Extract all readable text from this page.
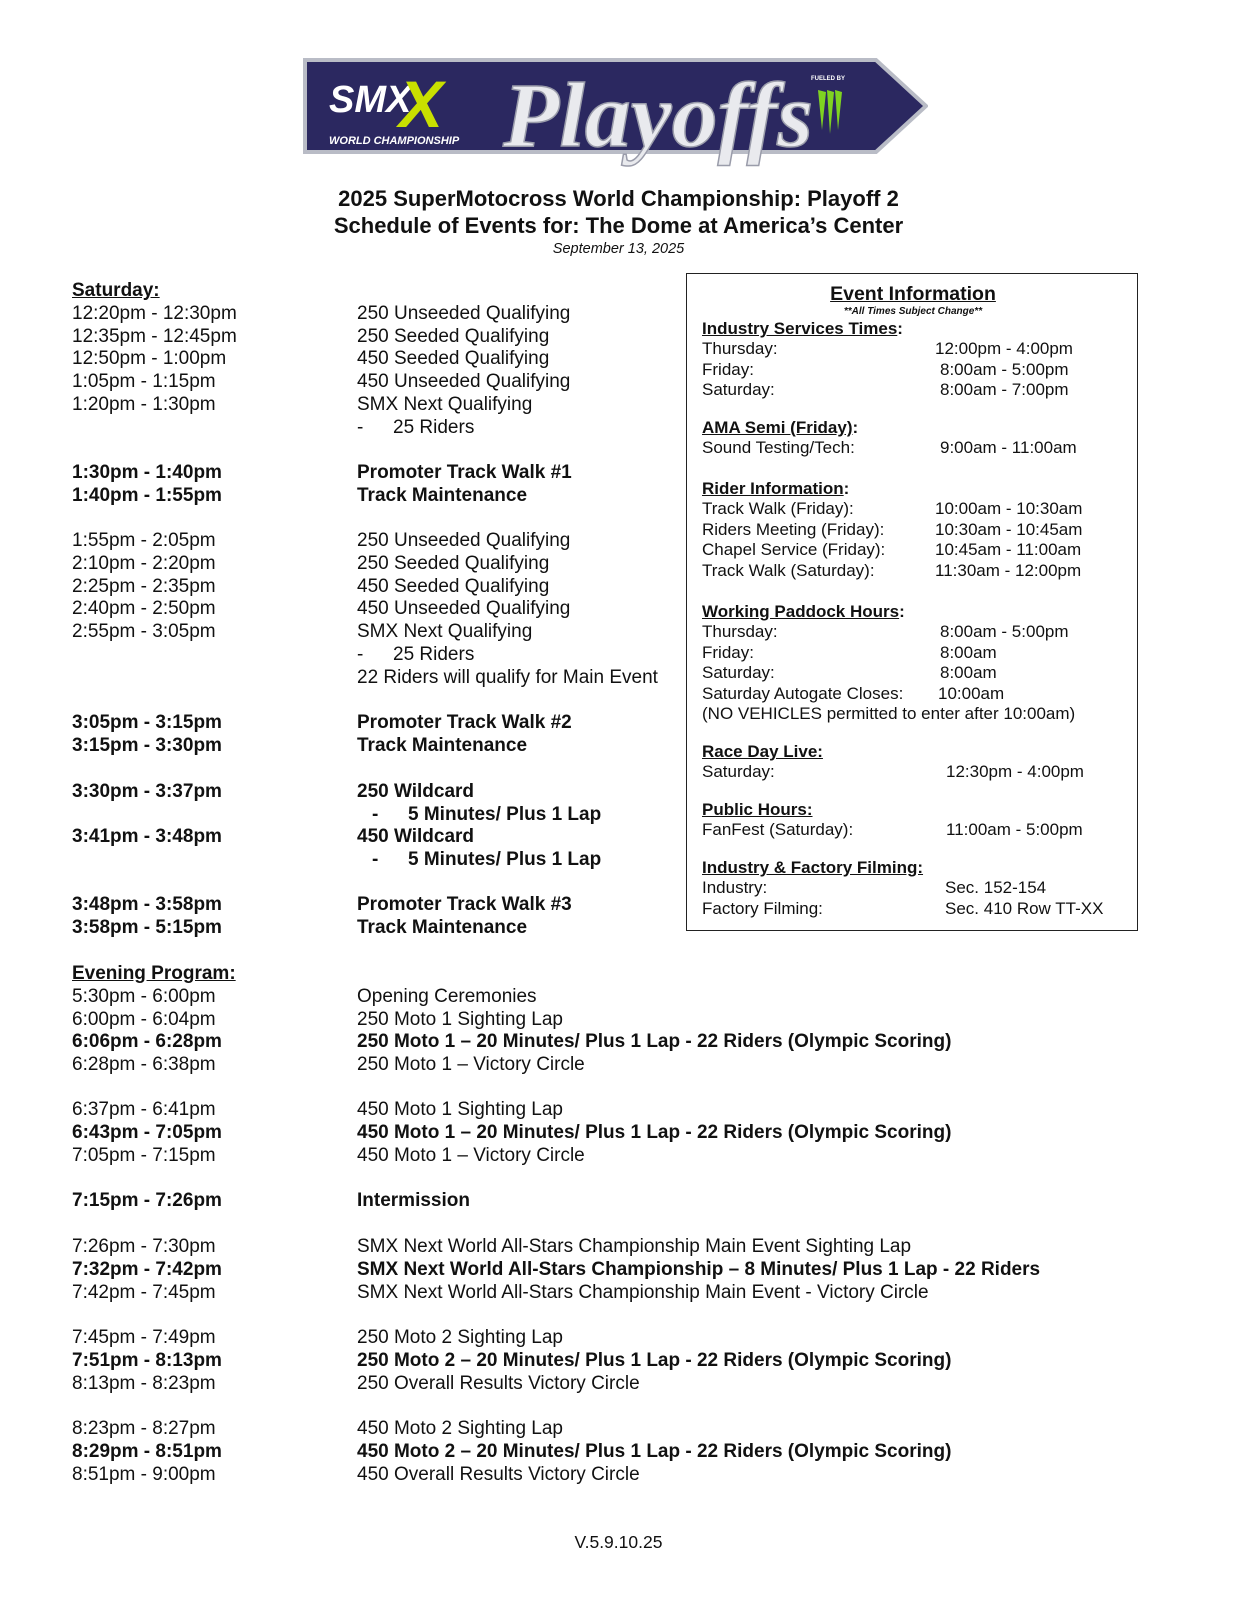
SMX
X
WORLD CHAMPIONSHIP Playoffs
FUELED BY
2025 SuperMotocross World Championship: Playoff 2
Schedule of Events for: The Dome at America’s Center
September 13, 2025
Saturday:
12:20pm - 12:30pm	250 Unseeded Qualifying
12:35pm - 12:45pm	250 Seeded Qualifying
12:50pm - 1:00pm	450 Seeded Qualifying
1:05pm - 1:15pm	450 Unseeded Qualifying
1:20pm - 1:30pm	SMX Next Qualifying
- 25 Riders
1:30pm - 1:40pm	Promoter Track Walk #1
1:40pm - 1:55pm	Track Maintenance
1:55pm - 2:05pm	250 Unseeded Qualifying
2:10pm - 2:20pm	250 Seeded Qualifying
2:25pm - 2:35pm	450 Seeded Qualifying
2:40pm - 2:50pm	450 Unseeded Qualifying
2:55pm - 3:05pm	SMX Next Qualifying
- 25 Riders
22 Riders will qualify for Main Event
3:05pm - 3:15pm	Promoter Track Walk #2
3:15pm - 3:30pm	Track Maintenance
3:30pm - 3:37pm	250 Wildcard
- 5 Minutes/ Plus 1 Lap
3:41pm - 3:48pm	450 Wildcard
- 5 Minutes/ Plus 1 Lap
3:48pm - 3:58pm	Promoter Track Walk #3
3:58pm - 5:15pm	Track Maintenance
Evening Program:
5:30pm - 6:00pm	Opening Ceremonies
6:00pm - 6:04pm	250 Moto 1 Sighting Lap
6:06pm - 6:28pm	250 Moto 1 – 20 Minutes/ Plus 1 Lap - 22 Riders (Olympic Scoring)
6:28pm - 6:38pm	250 Moto 1 – Victory Circle
6:37pm - 6:41pm	450 Moto 1 Sighting Lap
6:43pm - 7:05pm	450 Moto 1 – 20 Minutes/ Plus 1 Lap - 22 Riders (Olympic Scoring)
7:05pm - 7:15pm	450 Moto 1 – Victory Circle
7:15pm - 7:26pm	Intermission
7:26pm - 7:30pm	SMX Next World All-Stars Championship Main Event Sighting Lap
7:32pm - 7:42pm	SMX Next World All-Stars Championship – 8 Minutes/ Plus 1 Lap - 22 Riders
7:42pm - 7:45pm	SMX Next World All-Stars Championship Main Event - Victory Circle
7:45pm - 7:49pm	250 Moto 2 Sighting Lap
7:51pm - 8:13pm	250 Moto 2 – 20 Minutes/ Plus 1 Lap - 22 Riders (Olympic Scoring)
8:13pm - 8:23pm	250 Overall Results Victory Circle
8:23pm - 8:27pm	450 Moto 2 Sighting Lap
8:29pm - 8:51pm	450 Moto 2 – 20 Minutes/ Plus 1 Lap - 22 Riders (Olympic Scoring)
8:51pm - 9:00pm	450 Overall Results Victory Circle
Event Information
**All Times Subject Change**
Industry Services Times:
Thursday:	12:00pm - 4:00pm
Friday:	8:00am - 5:00pm
Saturday:	8:00am - 7:00pm
AMA Semi (Friday):
Sound Testing/Tech:	9:00am - 11:00am
Rider Information:
Track Walk (Friday):	10:00am - 10:30am
Riders Meeting (Friday):	10:30am - 10:45am
Chapel Service (Friday):	10:45am - 11:00am
Track Walk (Saturday):	11:30am - 12:00pm
Working Paddock Hours:
Thursday:	8:00am - 5:00pm
Friday:	8:00am
Saturday:	8:00am
Saturday Autogate Closes: 10:00am
(NO VEHICLES permitted to enter after 10:00am)
Race Day Live:
Saturday:	12:30pm - 4:00pm
Public Hours:
FanFest (Saturday):	11:00am - 5:00pm
Industry & Factory Filming:
Industry:	Sec. 152-154
Factory Filming:	Sec. 410 Row TT-XX
V.5.9.10.25
